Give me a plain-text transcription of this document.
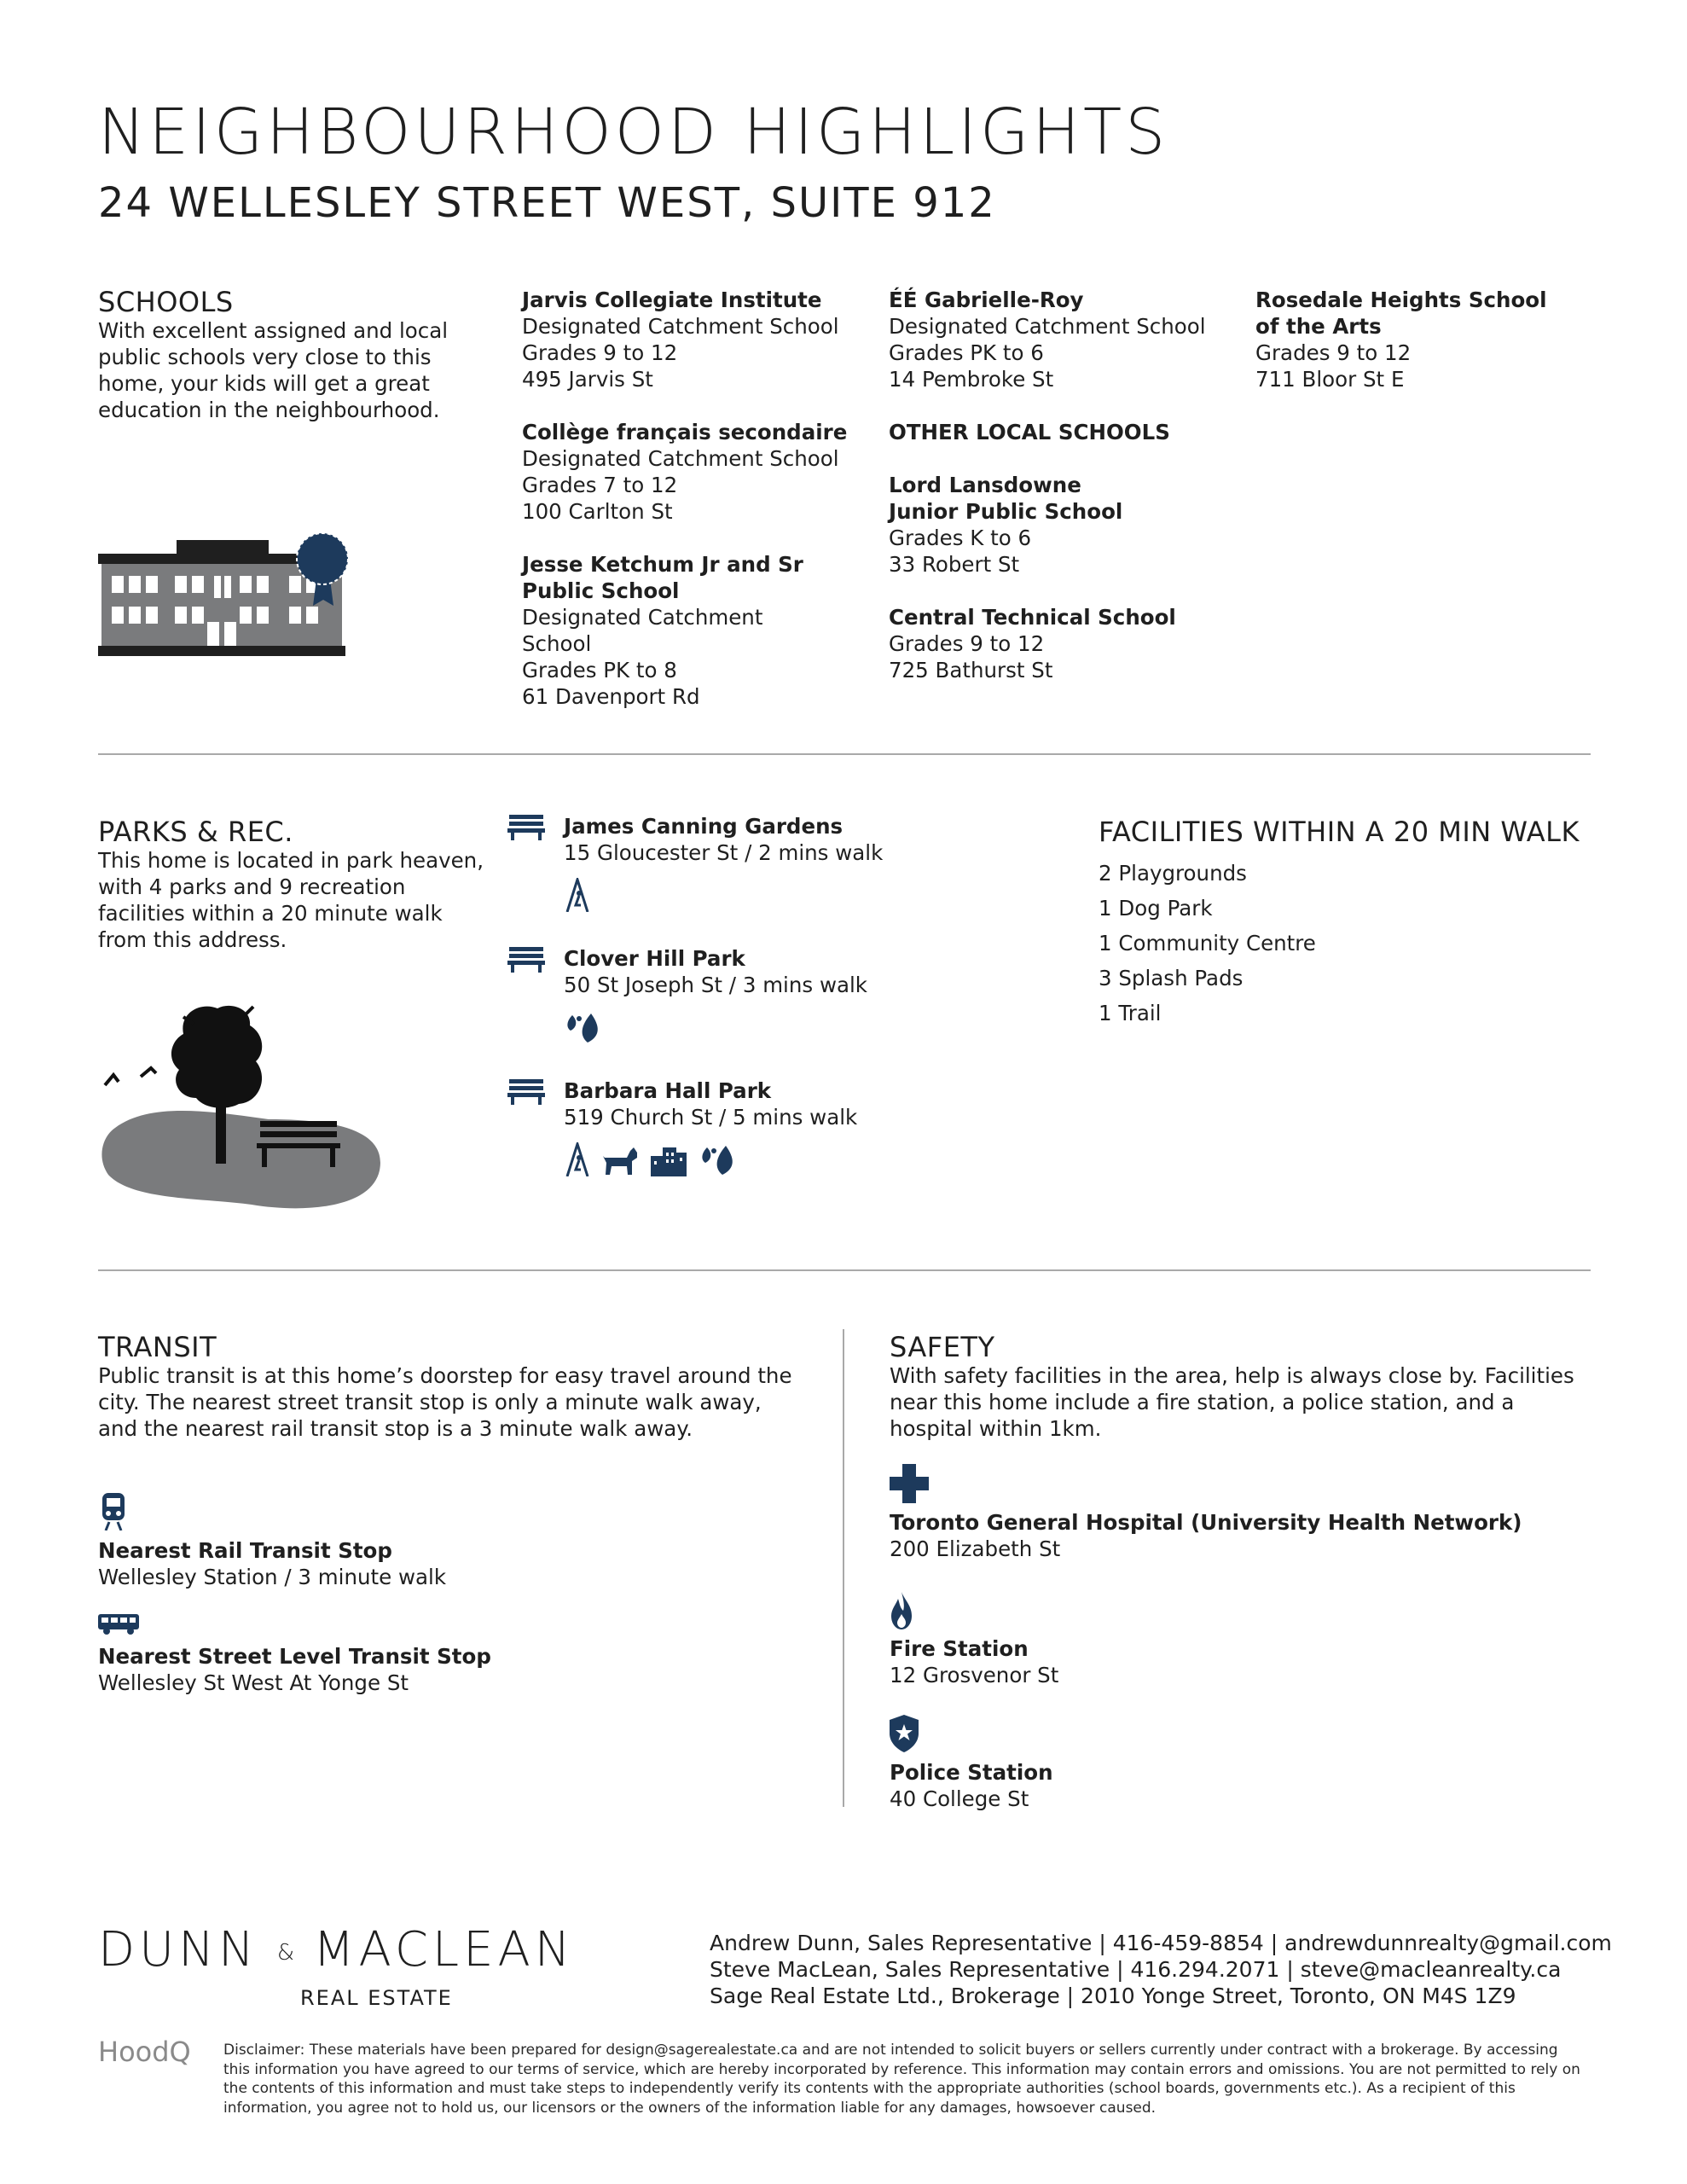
NEIGHBOURHOOD HIGHLIGHTS
24 WELLESLEY STREET WEST, SUITE 912
SCHOOLS
With excellent assigned and local public schools very close to this home, your kids will get a great education in the neighbourhood.
Jarvis Collegiate Institute
Designated Catchment School
Grades 9 to 12
495 Jarvis St
Collège français secondaire
Designated Catchment School
Grades 7 to 12
100 Carlton St
Jesse Ketchum Jr and Sr Public School
Designated Catchment School
Grades PK to 8
61 Davenport Rd
ÉÉ Gabrielle-Roy
Designated Catchment School
Grades PK to 6
14 Pembroke St
OTHER LOCAL SCHOOLS
Lord Lansdowne Junior Public School
Grades K to 6
33 Robert St
Central Technical School
Grades 9 to 12
725 Bathurst St
Rosedale Heights School of the Arts
Grades 9 to 12
711 Bloor St E
PARKS & REC.
This home is located in park heaven, with 4 parks and 9 recreation facilities within a 20 minute walk from this address.
James Canning Gardens
15 Gloucester St / 2 mins walk
Clover Hill Park
50 St Joseph St / 3 mins walk
Barbara Hall Park
519 Church St / 5 mins walk
FACILITIES WITHIN A 20 MIN WALK
2 Playgrounds
1 Dog Park
1 Community Centre
3 Splash Pads
1 Trail
TRANSIT
Public transit is at this home’s doorstep for easy travel around the city. The nearest street transit stop is only a minute walk away, and the nearest rail transit stop is a 3 minute walk away.
Nearest Rail Transit Stop
Wellesley Station / 3 minute walk
Nearest Street Level Transit Stop
Wellesley St West At Yonge St
SAFETY
With safety facilities in the area, help is always close by. Facilities near this home include a fire station, a police station, and a hospital within 1km.
Toronto General Hospital (University Health Network)
200 Elizabeth St
Fire Station
12 Grosvenor St
Police Station
40 College St
DUNN & MACLEAN
REAL ESTATE
Andrew Dunn, Sales Representative | 416-459-8854 | andrewdunnrealty@gmail.com
Steve MacLean, Sales Representative | 416.294.2071 | steve@macleanrealty.ca
Sage Real Estate Ltd., Brokerage | 2010 Yonge Street, Toronto, ON M4S 1Z9
HoodQ Disclaimer: These materials have been prepared for design@sagerealestate.ca and are not intended to solicit buyers or sellers currently under contract with a brokerage. By accessing this information you have agreed to our terms of service, which are hereby incorporated by reference. This information may contain errors and omissions. You are not permitted to rely on the contents of this information and must take steps to independently verify its contents with the appropriate authorities (school boards, governments etc.). As a recipient of this information, you agree not to hold us, our licensors or the owners of the information liable for any damages, howsoever caused.
